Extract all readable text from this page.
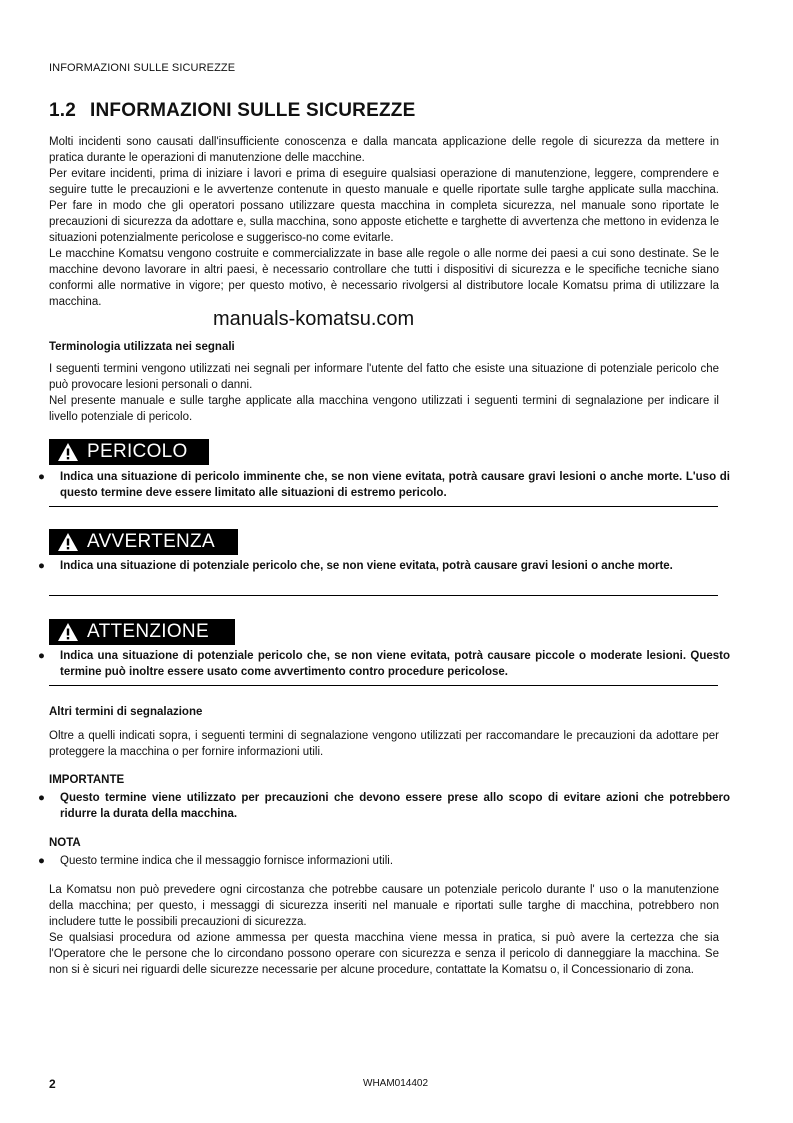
INFORMAZIONI SULLE SICUREZZE
1.2 INFORMAZIONI SULLE SICUREZZE

Molti incidenti sono causati dall'insufficiente conoscenza e dalla mancata applicazione delle regole di sicurezza da mettere in pratica durante le operazioni di manutenzione delle macchine.

Per evitare incidenti, prima di iniziare i lavori e prima di eseguire qualsiasi operazione di manutenzione, leggere, comprendere e seguire tutte le precauzioni e le avvertenze contenute in questo manuale e quelle riportate sulle targhe applicate sulla macchina. Per fare in modo che gli operatori possano utilizzare questa macchina in completa sicurezza, nel manuale sono riportate le precauzioni di sicurezza da adottare e, sulla macchina, sono apposte etichette e targhette di avvertenza che mettono in evidenza le situazioni potenzialmente pericolose e suggerisco-no come evitarle.

Le macchine Komatsu vengono costruite e commercializzate in base alle regole o alle norme dei paesi a cui sono destinate. Se le macchine devono lavorare in altri paesi, è necessario controllare che tutti i dispositivi di sicurezza e le specifiche tecniche siano conformi alle normative in vigore; per questo motivo, è necessario rivolgersi al distributore locale Komatsu prima di utilizzare la macchina.

manuals-komatsu.com
Terminologia utilizzata nei segnali

I seguenti termini vengono utilizzati nei segnali per informare l'utente del fatto che esiste una situazione di potenziale pericolo che può provocare lesioni personali o danni.

Nel presente manuale e sulle targhe applicate alla macchina vengono utilizzati i seguenti termini di segnalazione per indicare il livello potenziale di pericolo.

PERICOLO
● Indica una situazione di pericolo imminente che, se non viene evitata, potrà causare gravi lesioni o anche morte. L'uso di questo termine deve essere limitato alle situazioni di estremo pericolo.
AVVERTENZA
● Indica una situazione di potenziale pericolo che, se non viene evitata, potrà causare gravi lesioni o anche morte.
ATTENZIONE
● Indica una situazione di potenziale pericolo che, se non viene evitata, potrà causare piccole o moderate lesioni. Questo termine può inoltre essere usato come avvertimento contro procedure pericolose.
Altri termini di segnalazione

Oltre a quelli indicati sopra, i seguenti termini di segnalazione vengono utilizzati per raccomandare le precauzioni da adottare per proteggere la macchina o per fornire informazioni utili.

IMPORTANTE
● Questo termine viene utilizzato per precauzioni che devono essere prese allo scopo di evitare azioni che potrebbero ridurre la durata della macchina.
NOTA
● Questo termine indica che il messaggio fornisce informazioni utili.

La Komatsu non può prevedere ogni circostanza che potrebbe causare un potenziale pericolo durante l' uso o la manutenzione della macchina; per questo, i messaggi di sicurezza inseriti nel manuale e riportati sulle targhe di macchina, potrebbero non includere tutte le possibili precauzioni di sicurezza.

Se qualsiasi procedura od azione ammessa per questa macchina viene messa in pratica, si può avere la certezza che sia l'Operatore che le persone che lo circondano possono operare con sicurezza e senza il pericolo di danneggiare la macchina. Se non si è sicuri nei riguardi delle sicurezze necessarie per alcune procedure, contattate la Komatsu o, il Concessionario di zona.

2	WHAM014402
